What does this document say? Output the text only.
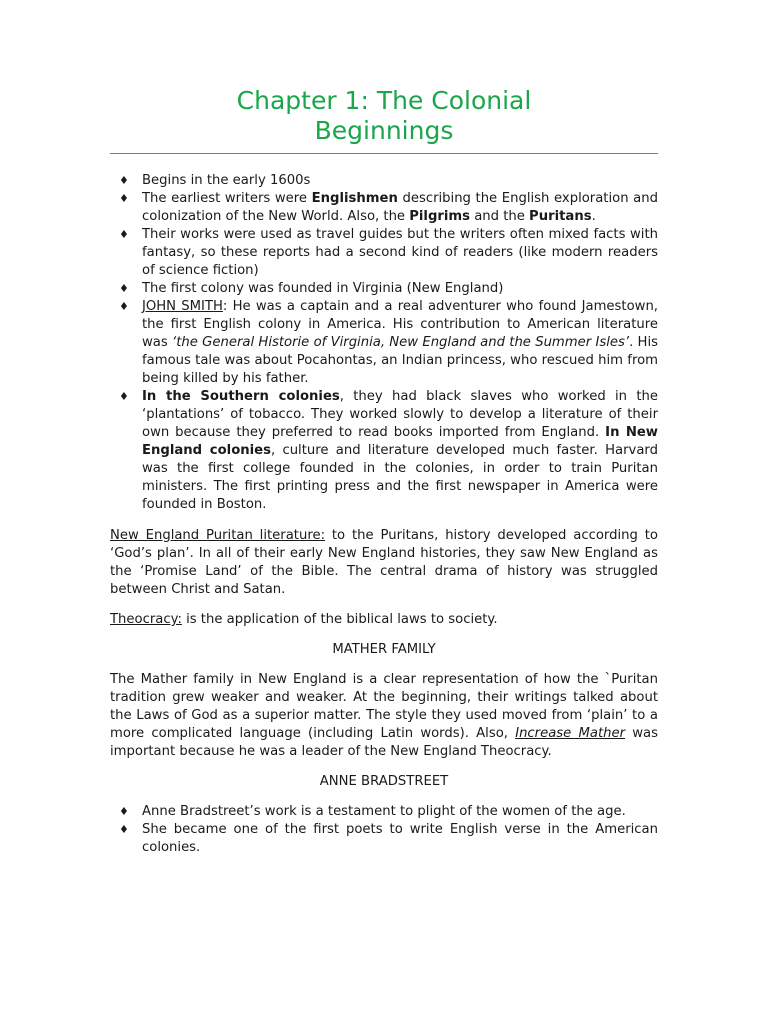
Chapter 1: The Colonial
Beginnings
♦ Begins in the early 1600s
♦ The earliest writers were Englishmen describing the English exploration and colonization of the New World. Also, the Pilgrims and the Puritans.
♦ Their works were used as travel guides but the writers often mixed facts with fantasy, so these reports had a second kind of readers (like modern readers of science fiction)
♦ The first colony was founded in Virginia (New England)
♦ JOHN SMITH: He was a captain and a real adventurer who found Jamestown, the first English colony in America. His contribution to American literature was ‘the General Historie of Virginia, New England and the Summer Isles’. His famous tale was about Pocahontas, an Indian princess, who rescued him from being killed by his father.
♦ In the Southern colonies, they had black slaves who worked in the ‘plantations’ of tobacco. They worked slowly to develop a literature of their own because they preferred to read books imported from England. In New England colonies, culture and literature developed much faster. Harvard was the first college founded in the colonies, in order to train Puritan ministers. The first printing press and the first newspaper in America were founded in Boston.

New England Puritan literature: to the Puritans, history developed according to ‘God’s plan’. In all of their early New England histories, they saw New England as the ‘Promise Land’ of the Bible. The central drama of history was struggled between Christ and Satan.

Theocracy: is the application of the biblical laws to society.

MATHER FAMILY

The Mather family in New England is a clear representation of how the `Puritan tradition grew weaker and weaker. At the beginning, their writings talked about the Laws of God as a superior matter. The style they used moved from ‘plain’ to a more complicated language (including Latin words). Also, Increase Mather was important because he was a leader of the New England Theocracy.

ANNE BRADSTREET

♦ Anne Bradstreet’s work is a testament to plight of the women of the age.
♦ She became one of the first poets to write English verse in the American colonies.
